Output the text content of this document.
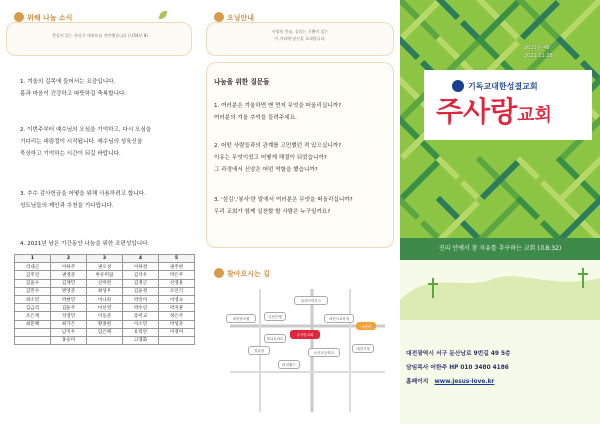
위해 나눔 소식
충돌이 있는 자리가 애흥트를 전만했습니다 (사54분 8)
1. 겨울의 길목에 들어서는 요즘입니다.
몸과 마음이 건강하고 따뜻하길 축복합니다.
2. 이번주부터 예수님의 오심을 기억하고, 다시 오심을
기다리는 대림절이 시작됩니다. 예수님의 성육신을
묵상하고 기억하는 시간이 되길 바랍니다.
3. 추수 감사헌금을 어떻을 위해 사용하려고 합니다.
성도님들의 제안과 추천을 기다립니다.
4. 2021년 남은 기간동안 나눔을 위한 조편성입니다.
1	2	3	4	5
리대근	이하주	권오성	이하정	권주현
김주연	권영준	한유미림	김석우	박은주
김윤수	김재민	신미란	김정근	신영훈
김민수	방영준	최성우	김윤정	오인식
곽소민	박현민	이나라	박진미	이영숙
김금리	김운주	이선영	박수연	박지훈
조은재	석영민	이동준	송미교	정은주
최문해	최가은	황종원	이소민	박성준
	남지우	임은택	유리안	이경미
	홍승미		고영화	
오닝안내
사랑의 언님, 살피는 기쁨이 있는
이 자리에 당신을 초대합니다.
나눔을 위한 질문들
1. 여러분은 겨울하면 맨 먼저 무엇을 떠올리십니까?
여러분의 겨울 추억을 들려주세요.
2. 어떤 사람들과의 관계를 고민했던 적 있으십니까?
이유는 무엇이었고 어떻게 해결이 되었습니까?
그 과정에서 신앙은 어떤 역할을 했습니까?
3. '섬김','봉사'란 말에서 여러분은 무엇을 떠올리십니까?
우리 교회가 함께 실천할 할 사람은 누구일까요?
찾아오시는 길
대전성모원
올리브하우스
대전시교육청
주사랑교회
국민은행
하나로마트
둔산초등학교
대전시청
타임월드
정류장
시청역
2021년 48
2021.11.28
기독교대한성결교회
주사랑교회
진리 안에서 참 자유를 추구하는 교회 (요8:32)
대전광역시 서구 둔산남로 9번길 49 5층
담임목사 어한주 HP 010 3480 4186
홈페이지 www.jesus-love.kr
